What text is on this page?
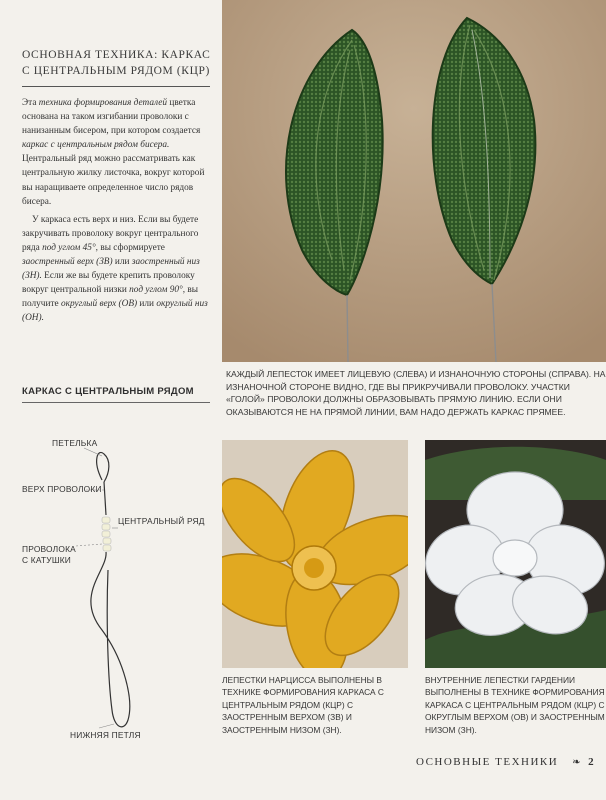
ОСНОВНАЯ ТЕХНИКА: КАРКАС С ЦЕНТРАЛЬНЫМ РЯДОМ (КЦР)

Эта техника формирования деталей цветка основана на таком изгибании проволоки с нанизанным бисером, при котором создается каркас с центральным рядом бисера. Центральный ряд можно рассматривать как центральную жилку листочка, вокруг которой вы наращиваете определенное число рядов бисера.

У каркаса есть верх и низ. Если вы будете закручивать проволоку вокруг центрального ряда под углом 45°, вы сформируете заостренный верх (ЗВ) или заостренный низ (ЗН). Если же вы будете крепить проволоку вокруг центральной низки под углом 90°, вы получите округлый верх (ОВ) или округлый низ (ОН).

КАРКАС С ЦЕНТРАЛЬНЫМ РЯДОМ
ПЕТЕЛЬКА
ВЕРХ ПРОВОЛОКИ
ЦЕНТРАЛЬНЫЙ РЯД
ПРОВОЛОКА С КАТУШКИ
НИЖНЯЯ ПЕТЛЯ
КАЖДЫЙ ЛЕПЕСТОК ИМЕЕТ ЛИЦЕВУЮ (СЛЕВА) И ИЗНАНОЧНУЮ СТОРОНЫ (СПРАВА). НА ИЗНАНОЧНОЙ СТОРОНЕ ВИДНО, ГДЕ ВЫ ПРИКРУЧИВАЛИ ПРОВОЛОКУ. УЧАСТКИ «ГОЛОЙ» ПРОВОЛОКИ ДОЛЖНЫ ОБРАЗОВЫВАТЬ ПРЯМУЮ ЛИНИЮ. ЕСЛИ ОНИ ОКАЗЫВАЮТСЯ НЕ НА ПРЯМОЙ ЛИНИИ, ВАМ НАДО ДЕРЖАТЬ КАРКАС ПРЯМЕЕ.
ЛЕПЕСТКИ НАРЦИССА ВЫПОЛНЕНЫ В ТЕХНИКЕ ФОРМИРОВАНИЯ КАРКАСА С ЦЕНТРАЛЬНЫМ РЯДОМ (КЦР) С ЗАОСТРЕННЫМ ВЕРХОМ (ЗВ) И ЗАОСТРЕННЫМ НИЗОМ (ЗН).
ВНУТРЕННИЕ ЛЕПЕСТКИ ГАРДЕНИИ ВЫПОЛНЕНЫ В ТЕХНИКЕ ФОРМИРОВАНИЯ КАРКАСА С ЦЕНТРАЛЬНЫМ РЯДОМ (КЦР) С ОКРУГЛЫМ ВЕРХОМ (ОВ) И ЗАОСТРЕННЫМ НИЗОМ (ЗН).
ОСНОВНЫЕ ТЕХНИКИ ❧ 2
